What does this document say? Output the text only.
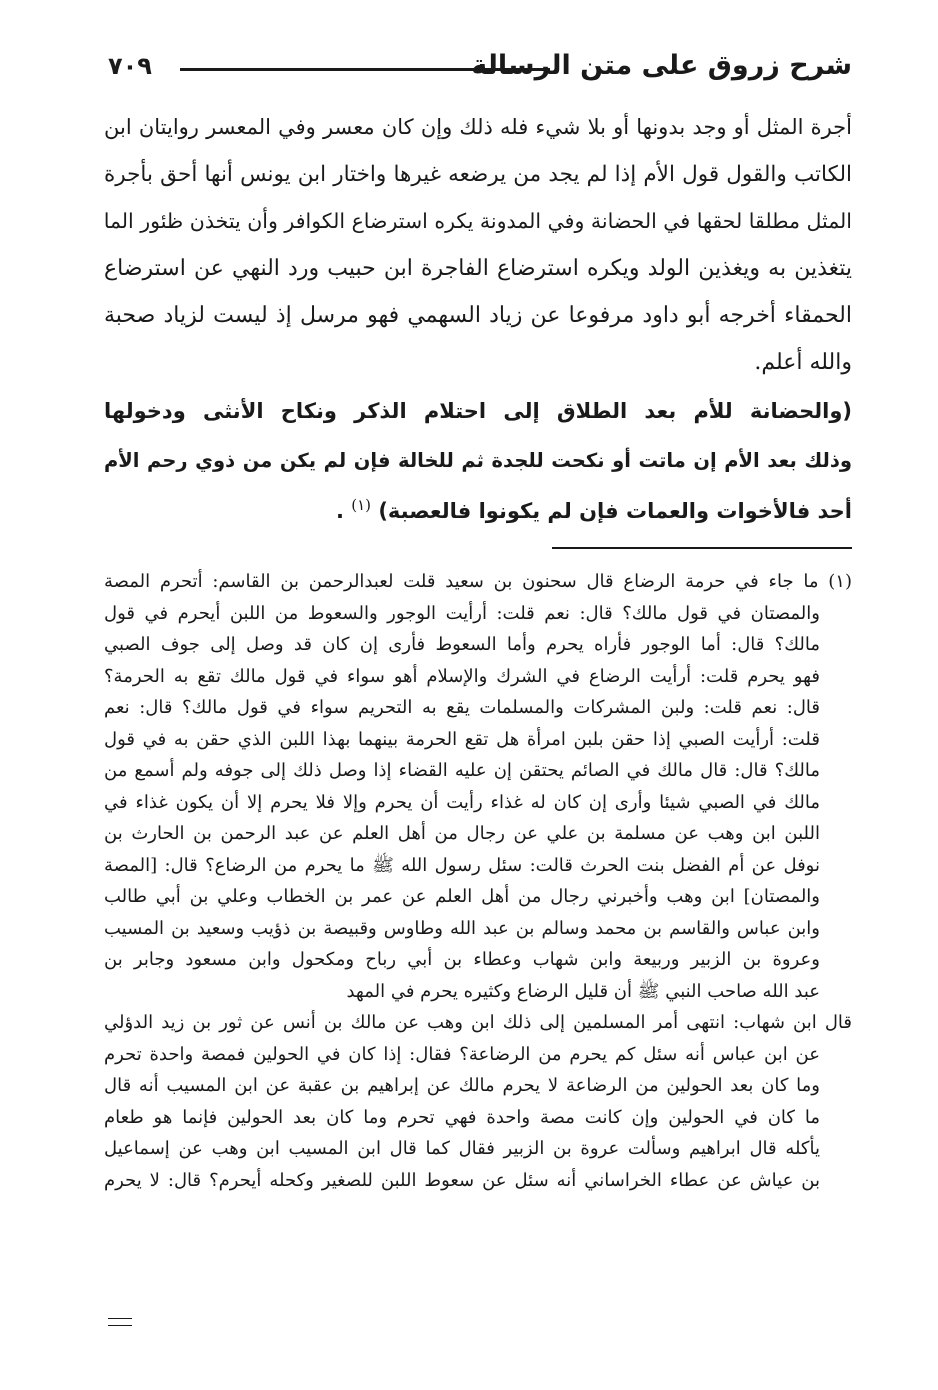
شرح زروق على متن الرسالة
٧٠٩
أجرة المثل أو وجد بدونها أو بلا شيء فله ذلك وإن كان معسر وفي المعسر روايتان ابن
الكاتب والقول قول الأم إذا لم يجد من يرضعه غيرها واختار ابن يونس أنها أحق بأجرة
المثل مطلقا لحقها في الحضانة وفي المدونة يكره استرضاع الكوافر وأن يتخذن ظئور الما
يتغذين به ويغذين الولد ويكره استرضاع الفاجرة ابن حبيب ورد النهي عن استرضاع
الحمقاء أخرجه أبو داود مرفوعا عن زياد السهمي فهو مرسل إذ ليست لزياد صحبة
والله أعلم.
(والحضانة للأم بعد الطلاق إلى احتلام الذكر ونكاح الأنثى ودخولها
وذلك بعد الأم إن ماتت أو نكحت للجدة ثم للخالة فإن لم يكن من ذوي رحم الأم
أحد فالأخوات والعمات فإن لم يكونوا فالعصبة) $^{(١)}$ .
(١) ما جاء في حرمة الرضاع قال سحنون بن سعيد قلت لعبدالرحمن بن القاسم: أتحرم المصة
والمصتان في قول مالك؟ قال: نعم قلت: أرأيت الوجور والسعوط من اللبن أيحرم في قول
مالك؟ قال: أما الوجور فأراه يحرم وأما السعوط فأرى إن كان قد وصل إلى جوف الصبي
فهو يحرم قلت: أرأيت الرضاع في الشرك والإسلام أهو سواء في قول مالك تقع به الحرمة؟
قال: نعم قلت: ولبن المشركات والمسلمات يقع به التحريم سواء في قول مالك؟ قال: نعم
قلت: أرأيت الصبي إذا حقن بلبن امرأة هل تقع الحرمة بينهما بهذا اللبن الذي حقن به في قول
مالك؟ قال: قال مالك في الصائم يحتقن إن عليه القضاء إذا وصل ذلك إلى جوفه ولم أسمع من
مالك في الصبي شيئا وأرى إن كان له غذاء رأيت أن يحرم وإلا فلا يحرم إلا أن يكون غذاء في
اللبن ابن وهب عن مسلمة بن علي عن رجال من أهل العلم عن عبد الرحمن بن الحارث بن
نوفل عن أم الفضل بنت الحرث قالت: سئل رسول الله ﷺ ما يحرم من الرضاع؟ قال: [المصة
والمصتان] ابن وهب وأخبرني رجال من أهل العلم عن عمر بن الخطاب وعلي بن أبي طالب
وابن عباس والقاسم بن محمد وسالم بن عبد الله وطاوس وقبيصة بن ذؤيب وسعيد بن المسيب
وعروة بن الزبير وربيعة وابن شهاب وعطاء بن أبي رباح ومكحول وابن مسعود وجابر بن
عبد الله صاحب النبي ﷺ أن قليل الرضاع وكثيره يحرم في المهد
قال ابن شهاب: انتهى أمر المسلمين إلى ذلك ابن وهب عن مالك بن أنس عن ثور بن زيد الدؤلي
عن ابن عباس أنه سئل كم يحرم من الرضاعة؟ فقال: إذا كان في الحولين فمصة واحدة تحرم
وما كان بعد الحولين من الرضاعة لا يحرم مالك عن إبراهيم بن عقبة عن ابن المسيب أنه قال
ما كان في الحولين وإن كانت مصة واحدة فهي تحرم وما كان بعد الحولين فإنما هو طعام
يأكله قال ابراهيم وسألت عروة بن الزبير فقال كما قال ابن المسيب ابن وهب عن إسماعيل
بن عياش عن عطاء الخراساني أنه سئل عن سعوط اللبن للصغير وكحله أيحرم؟ قال: لا يحرم
